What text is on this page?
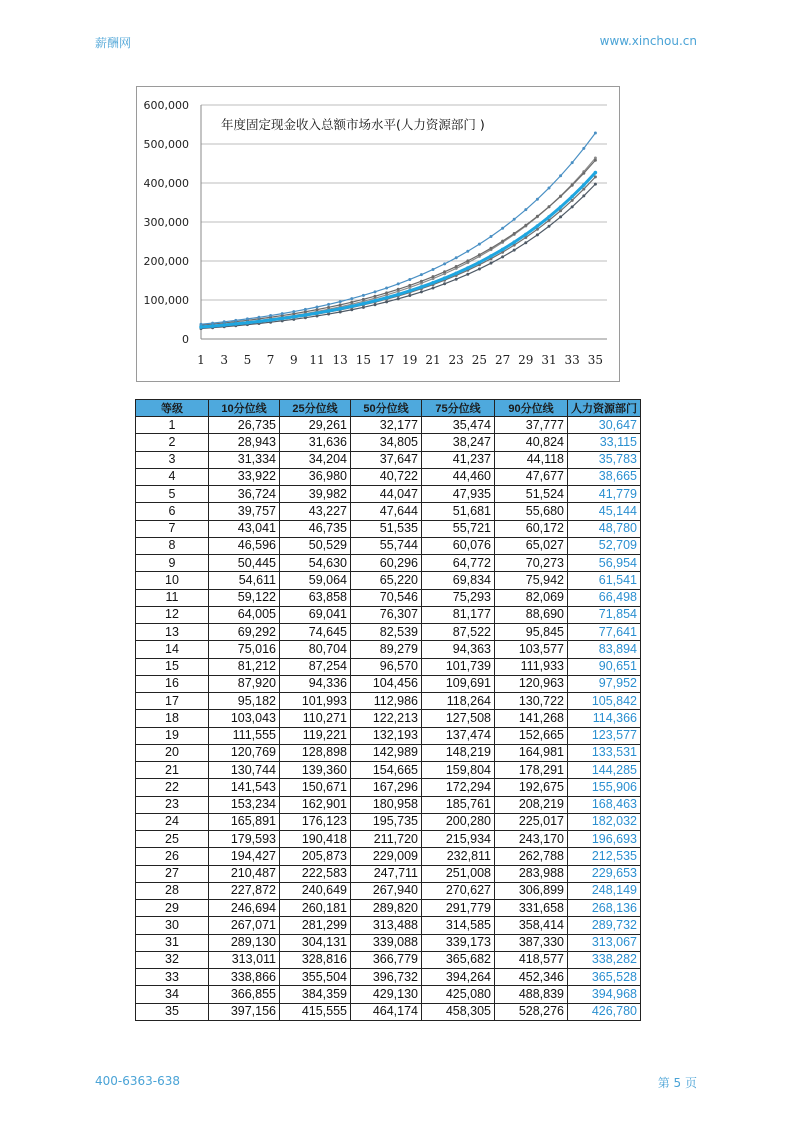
薪酬网	www.xinchou.cn
600,000
500,000
400,000
300,000
200,000
100,000
0
1 3 5 7 9 11 13 15 17 19 21 23 25 27 29 31 33 35
年度固定现金收入总额市场水平(人力资源部门 )
等级	10分位线	25分位线	50分位线	75分位线	90分位线	人力资源部门
1	26,735	29,261	32,177	35,474	37,777	30,647
2	28,943	31,636	34,805	38,247	40,824	33,115
3	31,334	34,204	37,647	41,237	44,118	35,783
4	33,922	36,980	40,722	44,460	47,677	38,665
5	36,724	39,982	44,047	47,935	51,524	41,779
6	39,757	43,227	47,644	51,681	55,680	45,144
7	43,041	46,735	51,535	55,721	60,172	48,780
8	46,596	50,529	55,744	60,076	65,027	52,709
9	50,445	54,630	60,296	64,772	70,273	56,954
10	54,611	59,064	65,220	69,834	75,942	61,541
11	59,122	63,858	70,546	75,293	82,069	66,498
12	64,005	69,041	76,307	81,177	88,690	71,854
13	69,292	74,645	82,539	87,522	95,845	77,641
14	75,016	80,704	89,279	94,363	103,577	83,894
15	81,212	87,254	96,570	101,739	111,933	90,651
16	87,920	94,336	104,456	109,691	120,963	97,952
17	95,182	101,993	112,986	118,264	130,722	105,842
18	103,043	110,271	122,213	127,508	141,268	114,366
19	111,555	119,221	132,193	137,474	152,665	123,577
20	120,769	128,898	142,989	148,219	164,981	133,531
21	130,744	139,360	154,665	159,804	178,291	144,285
22	141,543	150,671	167,296	172,294	192,675	155,906
23	153,234	162,901	180,958	185,761	208,219	168,463
24	165,891	176,123	195,735	200,280	225,017	182,032
25	179,593	190,418	211,720	215,934	243,170	196,693
26	194,427	205,873	229,009	232,811	262,788	212,535
27	210,487	222,583	247,711	251,008	283,988	229,653
28	227,872	240,649	267,940	270,627	306,899	248,149
29	246,694	260,181	289,820	291,779	331,658	268,136
30	267,071	281,299	313,488	314,585	358,414	289,732
31	289,130	304,131	339,088	339,173	387,330	313,067
32	313,011	328,816	366,779	365,682	418,577	338,282
33	338,866	355,504	396,732	394,264	452,346	365,528
34	366,855	384,359	429,130	425,080	488,839	394,968
35	397,156	415,555	464,174	458,305	528,276	426,780
400-6363-638	第 5 页
